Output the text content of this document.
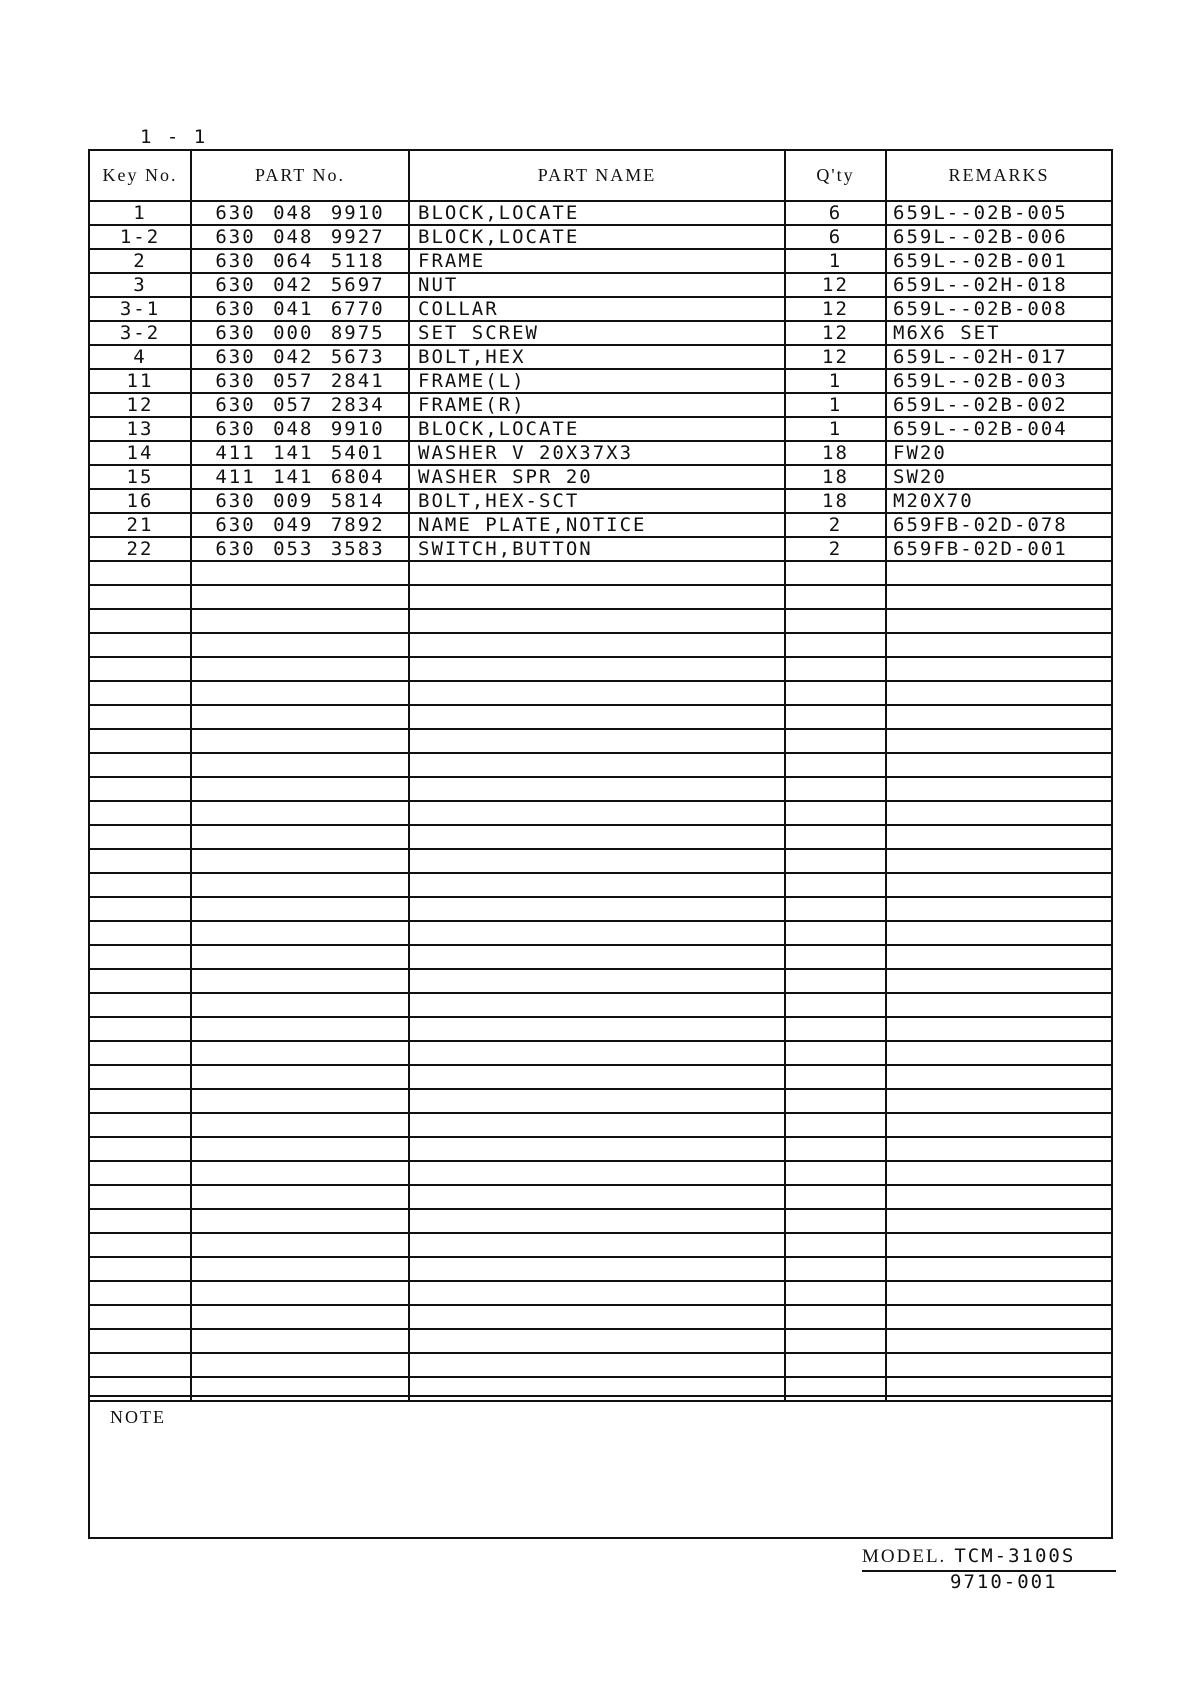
1 - 1
Key No.	PART No.	PART NAME	Q'ty	REMARKS
1	630 048 9910	BLOCK,LOCATE	6	659L--02B-005
1-2	630 048 9927	BLOCK,LOCATE	6	659L--02B-006
2	630 064 5118	FRAME	1	659L--02B-001
3	630 042 5697	NUT	12	659L--02H-018
3-1	630 041 6770	COLLAR	12	659L--02B-008
3-2	630 000 8975	SET SCREW	12	M6X6 SET
4	630 042 5673	BOLT,HEX	12	659L--02H-017
11	630 057 2841	FRAME(L)	1	659L--02B-003
12	630 057 2834	FRAME(R)	1	659L--02B-002
13	630 048 9910	BLOCK,LOCATE	1	659L--02B-004
14	411 141 5401	WASHER V 20X37X3	18	FW20
15	411 141 6804	WASHER SPR 20	18	SW20
16	630 009 5814	BOLT,HEX-SCT	18	M20X70
21	630 049 7892	NAME PLATE,NOTICE	2	659FB-02D-078
22	630 053 3583	SWITCH,BUTTON	2	659FB-02D-001

NOTE
MODEL. TCM-3100S
9710-001
